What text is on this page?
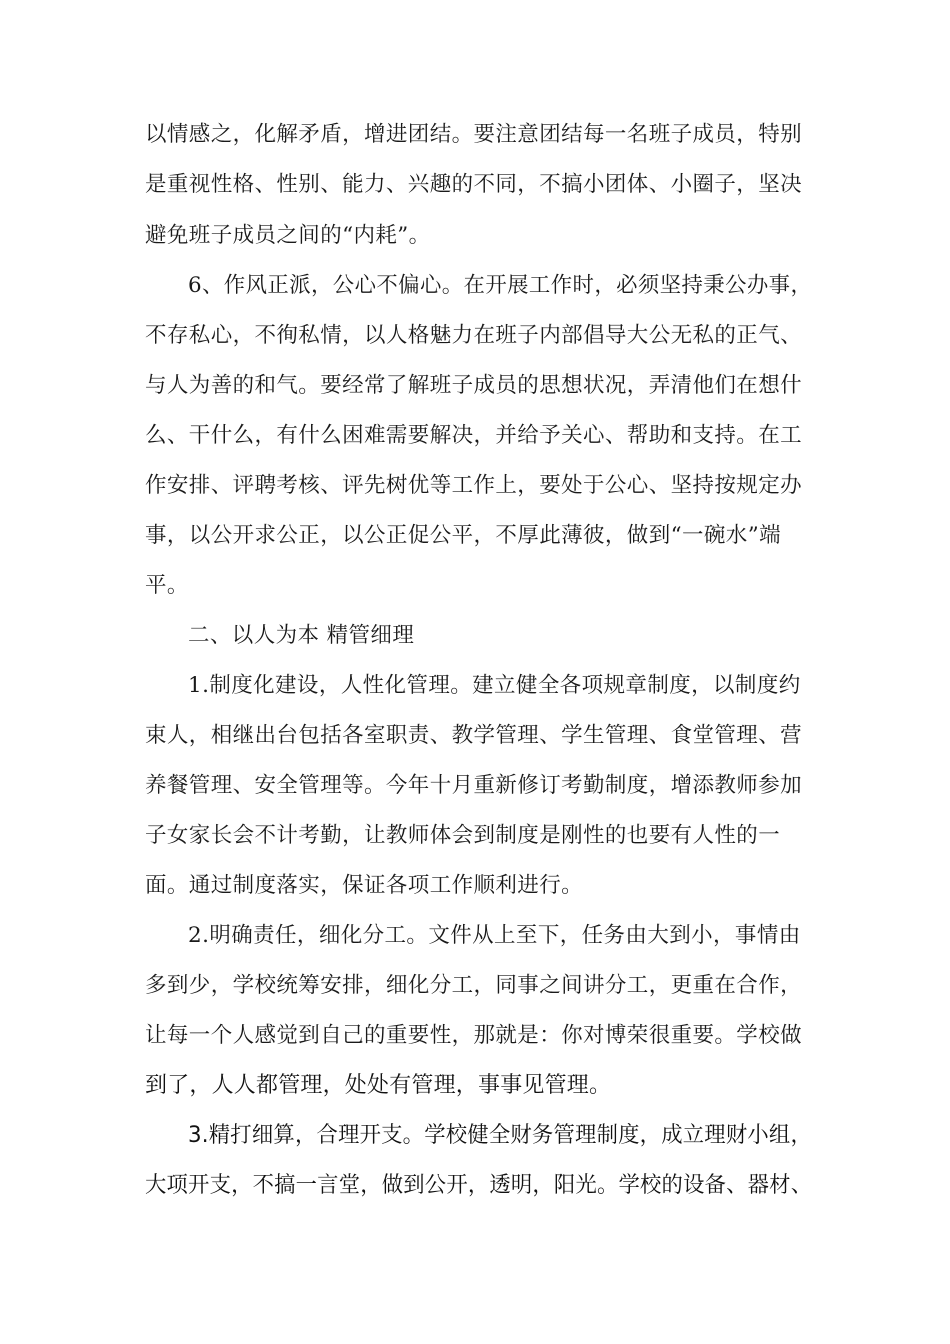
以情感之，化解矛盾，增进团结。要注意团结每一名班子成员，特别
是重视性格、性别、能力、兴趣的不同，不搞小团体、小圈子，坚决
避免班子成员之间的“内耗”。
6、作风正派，公心不偏心。在开展工作时，必须坚持秉公办事，
不存私心，不徇私情，以人格魅力在班子内部倡导大公无私的正气、
与人为善的和气。要经常了解班子成员的思想状况，弄清他们在想什
么、干什么，有什么困难需要解决，并给予关心、帮助和支持。在工
作安排、评聘考核、评先树优等工作上，要处于公心、坚持按规定办
事，以公开求公正，以公正促公平，不厚此薄彼，做到“一碗水”端
平。
二、以人为本 精管细理
1.制度化建设，人性化管理。建立健全各项规章制度，以制度约
束人，相继出台包括各室职责、教学管理、学生管理、食堂管理、营
养餐管理、安全管理等。今年十月重新修订考勤制度，增添教师参加
子女家长会不计考勤，让教师体会到制度是刚性的也要有人性的一
面。通过制度落实，保证各项工作顺利进行。
2.明确责任，细化分工。文件从上至下，任务由大到小，事情由
多到少，学校统筹安排，细化分工，同事之间讲分工，更重在合作，
让每一个人感觉到自己的重要性，那就是：你对博荣很重要。学校做
到了，人人都管理，处处有管理，事事见管理。
3.精打细算，合理开支。学校健全财务管理制度，成立理财小组，
大项开支，不搞一言堂，做到公开，透明，阳光。学校的设备、器材、
